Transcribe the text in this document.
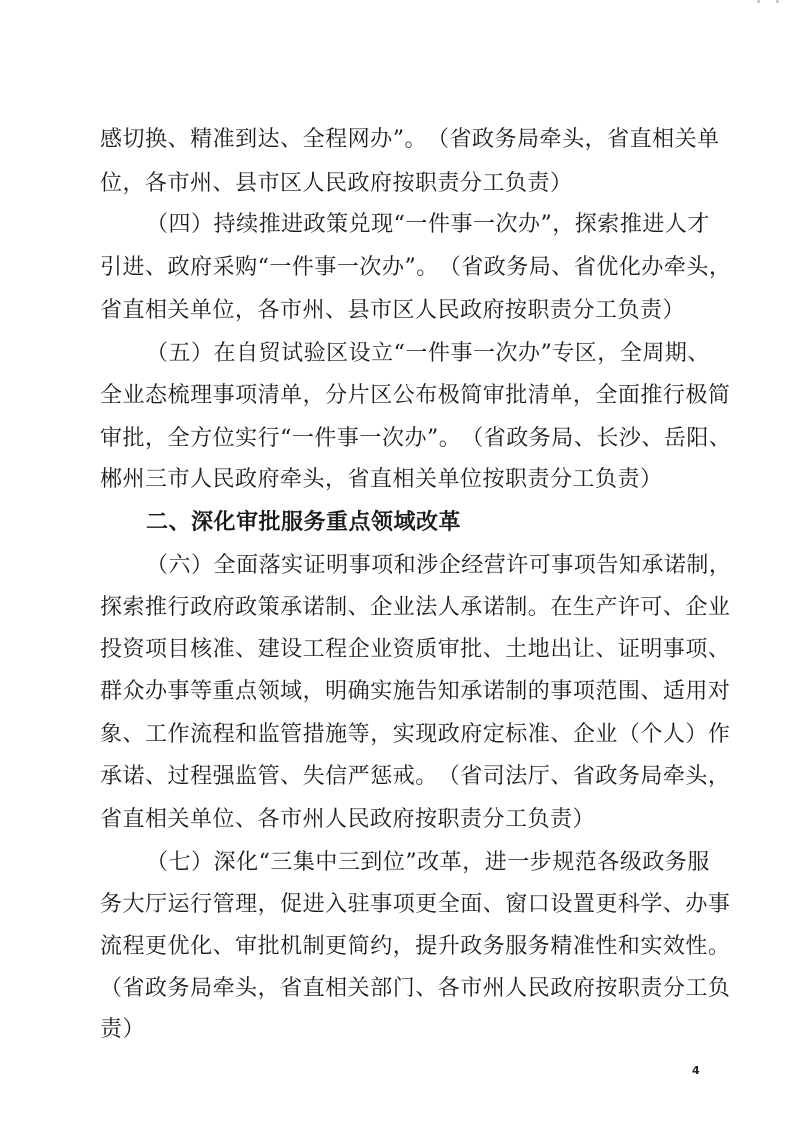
感 切 换 、 精 准 到 达 、 全 程 网 办 ” 。 （ 省 政 务 局 牵 头 ， 省 直 相 关 单
位，各市州、县市区人民政府按职责分工负责）
（ 四 ） 持 续 推 进 政 策 兑 现 “ 一 件 事 一 次 办 ” ， 探 索 推 进 人 才
引 进 、 政 府 采 购 “ 一 件 事 一 次 办 ” 。 （ 省 政 务 局 、 省 优 化 办 牵 头 ，
省直相关单位，各市州、县市区人民政府按职责分工负责）
（ 五 ） 在 自 贸 试 验 区 设 立 “ 一 件 事 一 次 办 ” 专 区 ， 全 周 期 、
全 业 态 梳 理 事 项 清 单 ， 分 片 区 公 布 极 简 审 批 清 单 ， 全 面 推 行 极 简
审 批 ， 全 方 位 实 行 “ 一 件 事 一 次 办 ” 。 （ 省 政 务 局 、 长 沙 、 岳 阳 、
郴州三市人民政府牵头，省直相关单位按职责分工负责）
二、深化审批服务重点领域改革
（ 六 ） 全 面 落 实 证 明 事 项 和 涉 企 经 营 许 可 事 项 告 知 承 诺 制 ，
探 索 推 行 政 府 政 策 承 诺 制 、 企 业 法 人 承 诺 制 。 在 生 产 许 可 、 企 业
投 资 项 目 核 准 、 建 设 工 程 企 业 资 质 审 批 、 土 地 出 让 、 证 明 事 项 、
群 众 办 事 等 重 点 领 域 ， 明 确 实 施 告 知 承 诺 制 的 事 项 范 围 、 适 用 对
象 、 工 作 流 程 和 监 管 措 施 等 ， 实 现 政 府 定 标 准 、 企 业 （ 个 人 ） 作
承 诺 、 过 程 强 监 管 、 失 信 严 惩 戒 。 （ 省 司 法 厅 、 省 政 务 局 牵 头 ，
省直相关单位、各市州人民政府按职责分工负责）
（ 七 ） 深 化 “ 三 集 中 三 到 位 ” 改 革 ， 进 一 步 规 范 各 级 政 务 服
务 大 厅 运 行 管 理 ， 促 进 入 驻 事 项 更 全 面 、 窗 口 设 置 更 科 学 、 办 事
流 程 更 优 化 、 审 批 机 制 更 简 约 ， 提 升 政 务 服 务 精 准 性 和 实 效 性 。
（ 省 政 务 局 牵 头 ， 省 直 相 关 部 门 、 各 市 州 人 民 政 府 按 职 责 分 工 负
责）
4
